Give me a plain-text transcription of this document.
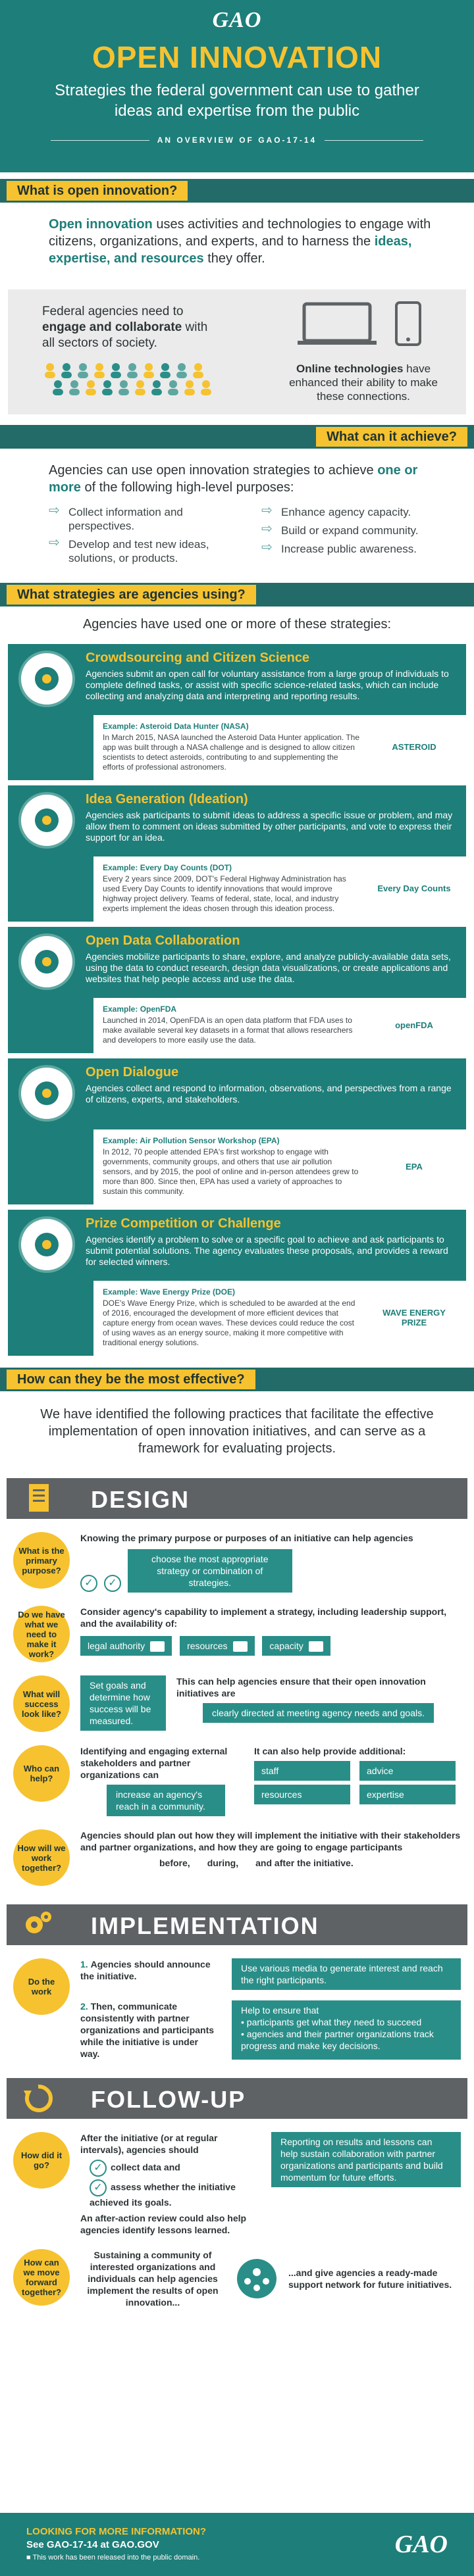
GAO
OPEN INNOVATION
Strategies the federal government can use to gather ideas and expertise from the public
AN OVERVIEW OF GAO-17-14
What is open innovation?
Open innovation uses activities and technologies to engage with citizens, organizations, and experts, and to harness the ideas, expertise, and resources they offer.
Federal agencies need to engage and collaborate with all sectors of society.
Online technologies have enhanced their ability to make these connections.
What can it achieve?
Agencies can use open innovation strategies to achieve one or more of the following high-level purposes:
⇨ Collect information and perspectives.
⇨ Develop and test new ideas, solutions, or products.
⇨ Enhance agency capacity.
⇨ Build or expand community.
⇨ Increase public awareness.
What strategies are agencies using?
Agencies have used one or more of these strategies:
Crowdsourcing and Citizen Science

Agencies submit an open call for voluntary assistance from a large group of individuals to complete defined tasks, or assist with specific science-related tasks, which can include collecting and analyzing data and interpreting and reporting results.

Example: Asteroid Data Hunter (NASA)
In March 2015, NASA launched the Asteroid Data Hunter application. The app was built through a NASA challenge and is designed to allow citizen scientists to detect asteroids, contributing to and supplementing the efforts of professional astronomers.
ASTEROID
Idea Generation (Ideation)

Agencies ask participants to submit ideas to address a specific issue or problem, and may allow them to comment on ideas submitted by other participants, and vote to express their support for an idea.

Example: Every Day Counts (DOT)
Every 2 years since 2009, DOT's Federal Highway Administration has used Every Day Counts to identify innovations that would improve highway project delivery. Teams of federal, state, local, and industry experts implement the ideas chosen through this ideation process.
Every Day Counts
Open Data Collaboration

Agencies mobilize participants to share, explore, and analyze publicly-available data sets, using the data to conduct research, design data visualizations, or create applications and websites that help people access and use the data.

Example: OpenFDA
Launched in 2014, OpenFDA is an open data platform that FDA uses to make available several key datasets in a format that allows researchers and developers to more easily use the data.
openFDA
Open Dialogue

Agencies collect and respond to information, observations, and perspectives from a range of citizens, experts, and stakeholders.

Example: Air Pollution Sensor Workshop (EPA)
In 2012, 70 people attended EPA's first workshop to engage with governments, community groups, and others that use air pollution sensors, and by 2015, the pool of online and in-person attendees grew to more than 800. Since then, EPA has used a variety of approaches to sustain this community.
EPA
Prize Competition or Challenge

Agencies identify a problem to solve or a specific goal to achieve and ask participants to submit potential solutions. The agency evaluates these proposals, and provides a reward for selected winners.

Example: Wave Energy Prize (DOE)
DOE's Wave Energy Prize, which is scheduled to be awarded at the end of 2016, encouraged the development of more efficient devices that capture energy from ocean waves. These devices could reduce the cost of using waves as an energy source, making it more competitive with traditional energy solutions.
WAVE ENERGY PRIZE
How can they be the most effective?
We have identified the following practices that facilitate the effective implementation of open innovation initiatives, and can serve as a framework for evaluating projects.
DESIGN
What is the primary purpose?
Knowing the primary purpose or purposes of an initiative can help agencies
✓ ✓ choose the most appropriate strategy or combination of strategies.
Do we have what we need to make it work?
Consider agency's capability to implement a strategy, including leadership support, and the availability of:
legal authority	resources	capacity
What will success look like?
Set goals and determine how success will be measured.
This can help agencies ensure that their open innovation initiatives are clearly directed at meeting agency needs and goals.
Who can help?
Identifying and engaging external stakeholders and partner organizations can increase an agency's reach in a community.
It can also help provide additional:
staff	advice
resources	expertise
How will we work together?
Agencies should plan out how they will implement the initiative with their stakeholders and partner organizations, and how they are going to engage participants
before, during, and after the initiative.
IMPLEMENTATION
Do the work
1. Agencies should announce the initiative.
Use various media to generate interest and reach the right participants.
2. Then, communicate consistently with partner organizations and participants while the initiative is under way.
Help to ensure that
• participants get what they need to succeed
• agencies and their partner organizations track progress and make key decisions.
FOLLOW-UP
How did it go?
After the initiative (or at regular intervals), agencies should
✓ collect data and
✓ assess whether the initiative achieved its goals.
An after-action review could also help agencies identify lessons learned.
Reporting on results and lessons can help sustain collaboration with partner organizations and participants and build momentum for future efforts.
How can we move forward together?
Sustaining a community of interested organizations and individuals can help agencies implement the results of open innovation...
...and give agencies a ready-made support network for future initiatives.
LOOKING FOR MORE INFORMATION?
See GAO-17-14 at GAO.GOV
■ This work has been released into the public domain.	GAO
